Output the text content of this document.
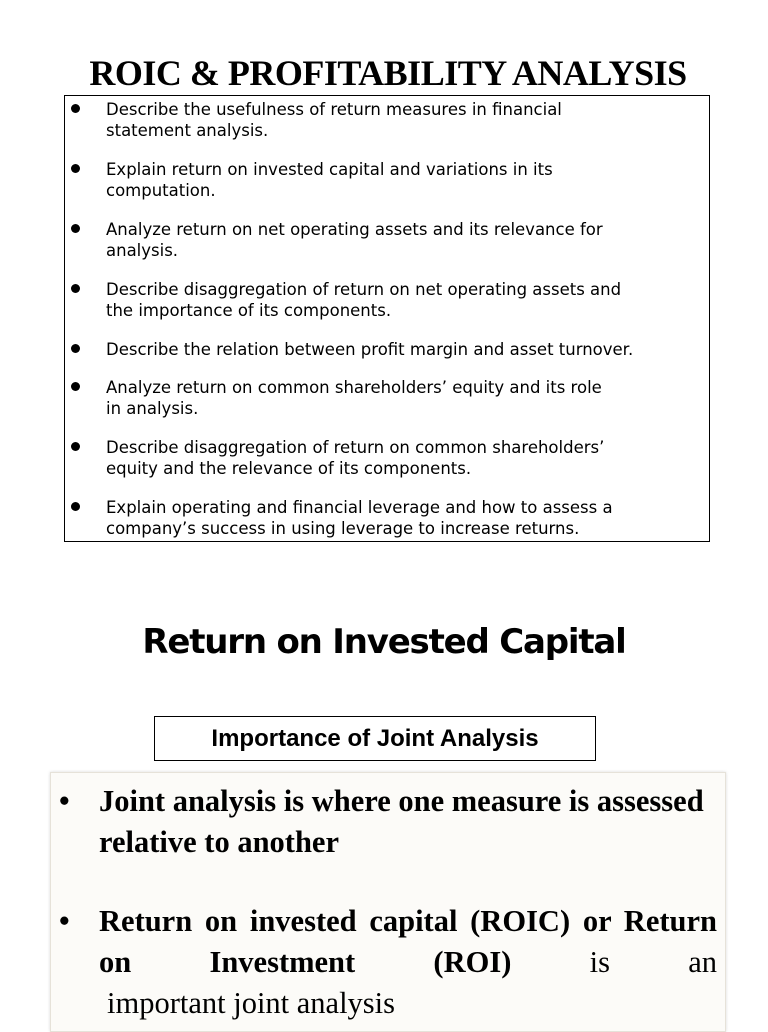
ROIC & PROFITABILITY ANALYSIS
Describe the usefulness of return measures in financial
statement analysis.
Explain return on invested capital and variations in its
computation.
Analyze return on net operating assets and its relevance for
analysis.
Describe disaggregation of return on net operating assets and
the importance of its components.
Describe the relation between profit margin and asset turnover.
Analyze return on common shareholders’ equity and its role
in analysis.
Describe disaggregation of return on common shareholders’
equity and the relevance of its components.
Explain operating and financial leverage and how to assess a
company’s success in using leverage to increase returns.
Return on Invested Capital
Importance of Joint Analysis
• Joint analysis is where one measure is assessed relative to another
• Return on invested capital (ROIC) or Return on Investment (ROI) is an
important joint analysis
